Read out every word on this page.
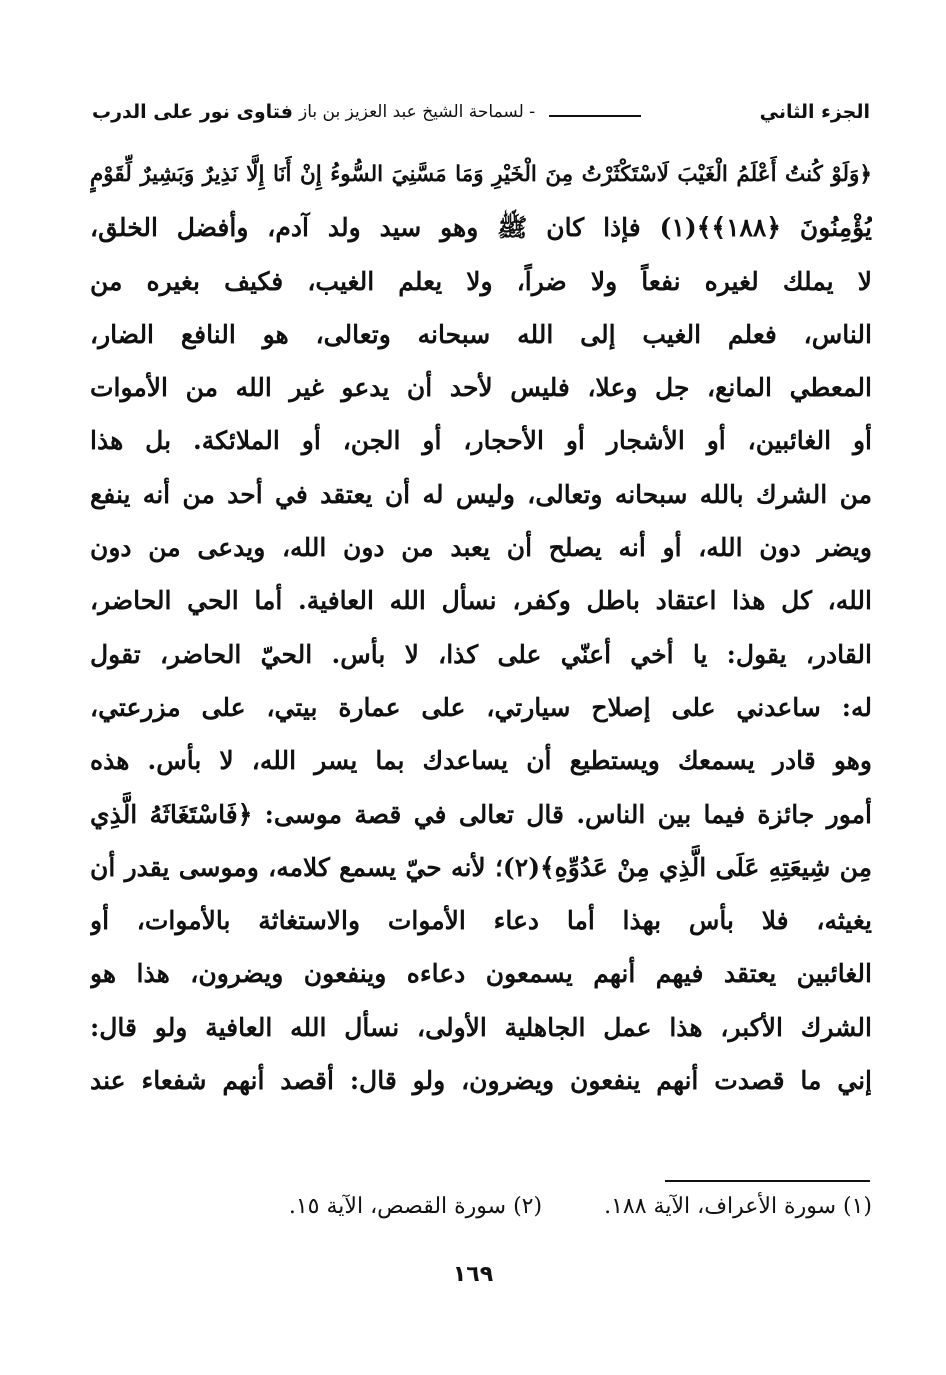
الجزء الثاني
- لسماحة الشيخ عبد العزيز بن باز
فتاوى نور على الدرب
﴿وَلَوْ كُنتُ أَعْلَمُ الْغَيْبَ لَاسْتَكْثَرْتُ مِنَ الْخَيْرِ وَمَا مَسَّنِيَ السُّوءُ إِنْ أَنَا إِلَّا نَذِيرٌ وَبَشِيرٌ لِّقَوْمٍ
يُؤْمِنُونَ ﴿١٨٨﴾﴾(١) فإذا كان ﷺ وهو سيد ولد آدم، وأفضل الخلق،
لا يملك لغيره نفعاً ولا ضراً، ولا يعلم الغيب، فكيف بغيره من
الناس، فعلم الغيب إلى الله سبحانه وتعالى، هو النافع الضار،
المعطي المانع، جل وعلا، فليس لأحد أن يدعو غير الله من الأموات
أو الغائبين، أو الأشجار أو الأحجار، أو الجن، أو الملائكة. بل هذا
من الشرك بالله سبحانه وتعالى، وليس له أن يعتقد في أحد من أنه ينفع
ويضر دون الله، أو أنه يصلح أن يعبد من دون الله، ويدعى من دون
الله، كل هذا اعتقاد باطل وكفر، نسأل الله العافية. أما الحي الحاضر،
القادر، يقول: يا أخي أعنّي على كذا، لا بأس. الحيّ الحاضر، تقول
له: ساعدني على إصلاح سيارتي، على عمارة بيتي، على مزرعتي،
وهو قادر يسمعك ويستطيع أن يساعدك بما يسر الله، لا بأس. هذه
أمور جائزة فيما بين الناس. قال تعالى في قصة موسى: ﴿فَاسْتَغَاثَهُ الَّذِي
مِن شِيعَتِهِ عَلَى الَّذِي مِنْ عَدُوِّهِ﴾(٢)؛ لأنه حيّ يسمع كلامه، وموسى يقدر أن
يغيثه، فلا بأس بهذا أما دعاء الأموات والاستغاثة بالأموات، أو
الغائبين يعتقد فيهم أنهم يسمعون دعاءه وينفعون ويضرون، هذا هو
الشرك الأكبر، هذا عمل الجاهلية الأولى، نسأل الله العافية ولو قال:
إني ما قصدت أنهم ينفعون ويضرون، ولو قال: أقصد أنهم شفعاء عند
(١) سورة الأعراف، الآية ١٨٨.
(٢) سورة القصص، الآية ١٥.
١٦٩
